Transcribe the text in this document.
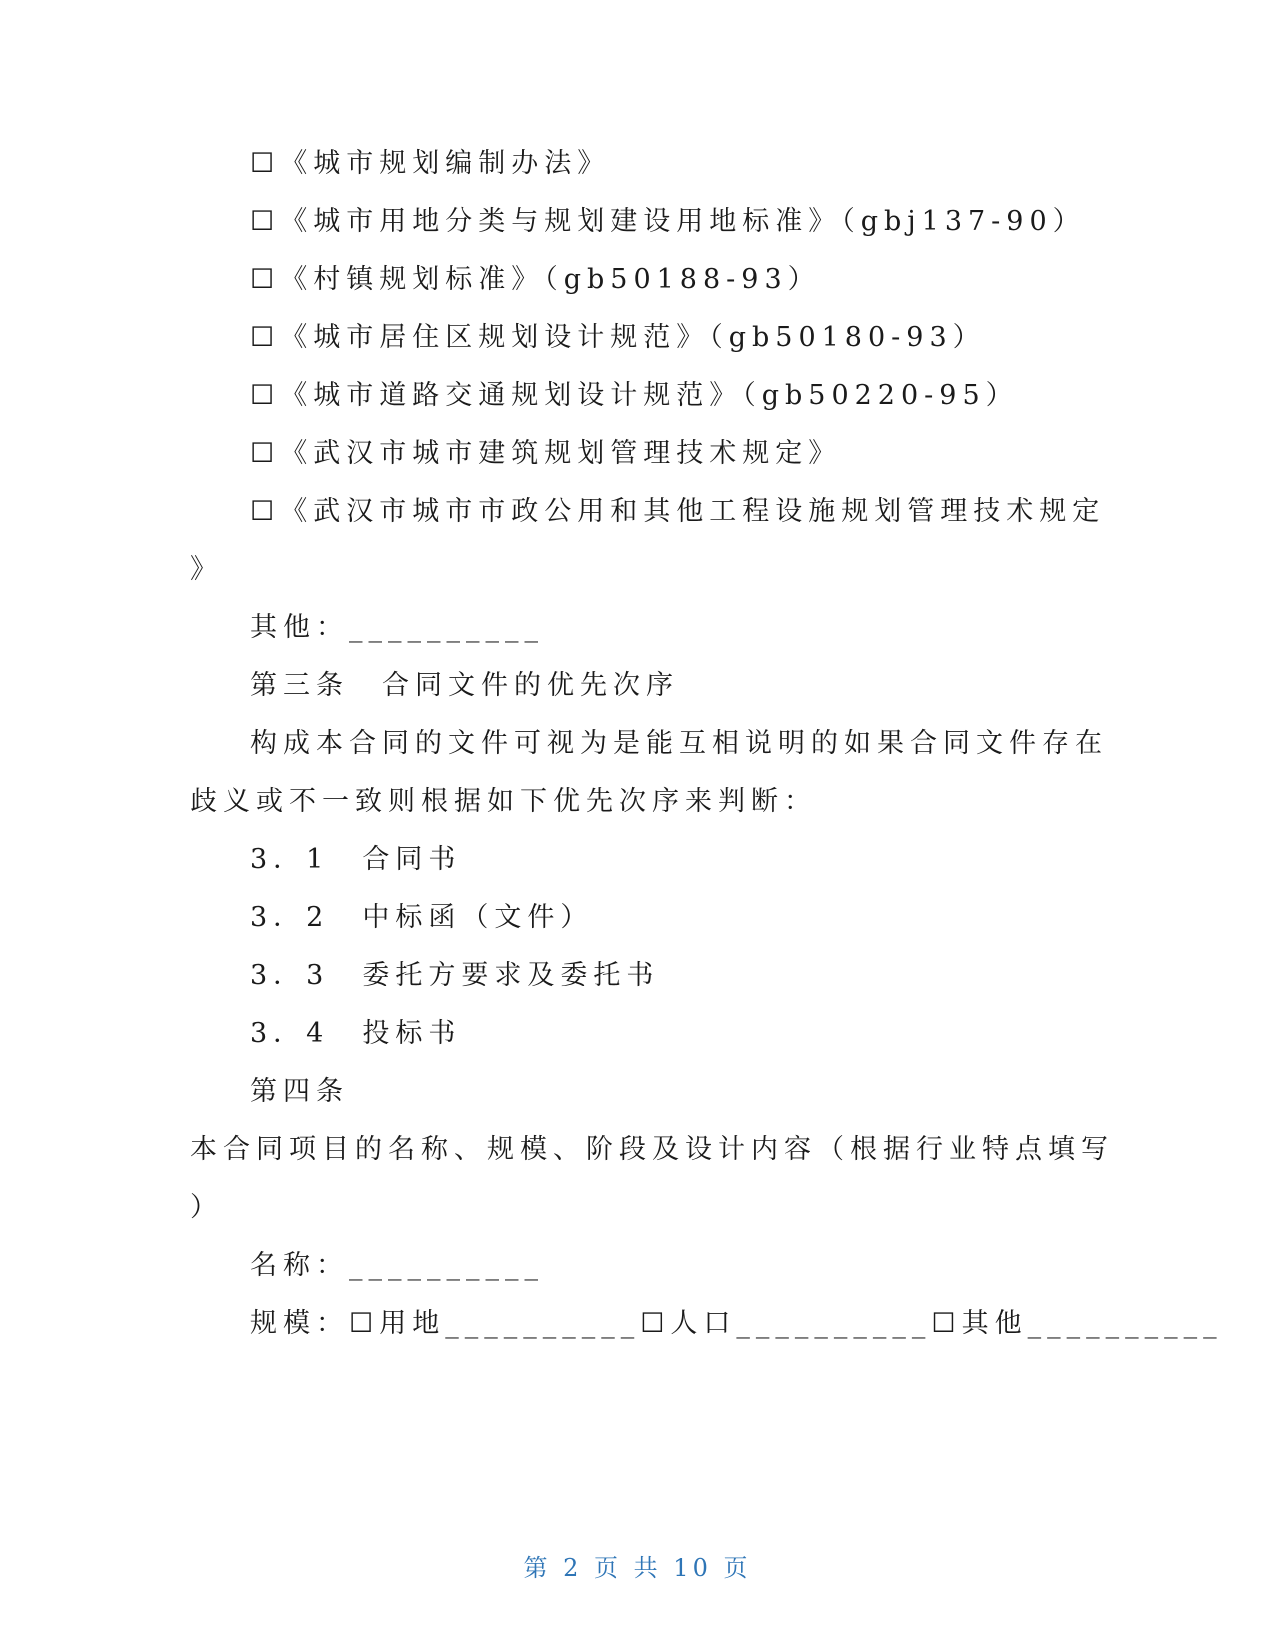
☐《城市规划编制办法》
☐《城市用地分类与规划建设用地标准》（gbj137-90）
☐《村镇规划标准》（gb50188-93）
☐《城市居住区规划设计规范》（gb50180-93）
☐《城市道路交通规划设计规范》（gb50220-95）
☐《武汉市城市建筑规划管理技术规定》
☐《武汉市城市市政公用和其他工程设施规划管理技术规定
》
其他：__________
第三条　合同文件的优先次序
构成本合同的文件可视为是能互相说明的如果合同文件存在
歧义或不一致则根据如下优先次序来判断：
3．1　合同书
3．2　中标函（文件）
3．3　委托方要求及委托书
3．4　投标书
第四条
本合同项目的名称、规模、阶段及设计内容（根据行业特点填写
）
名称：__________
规模：☐用地__________☐人口__________☐其他__________
第 2 页 共 10 页
